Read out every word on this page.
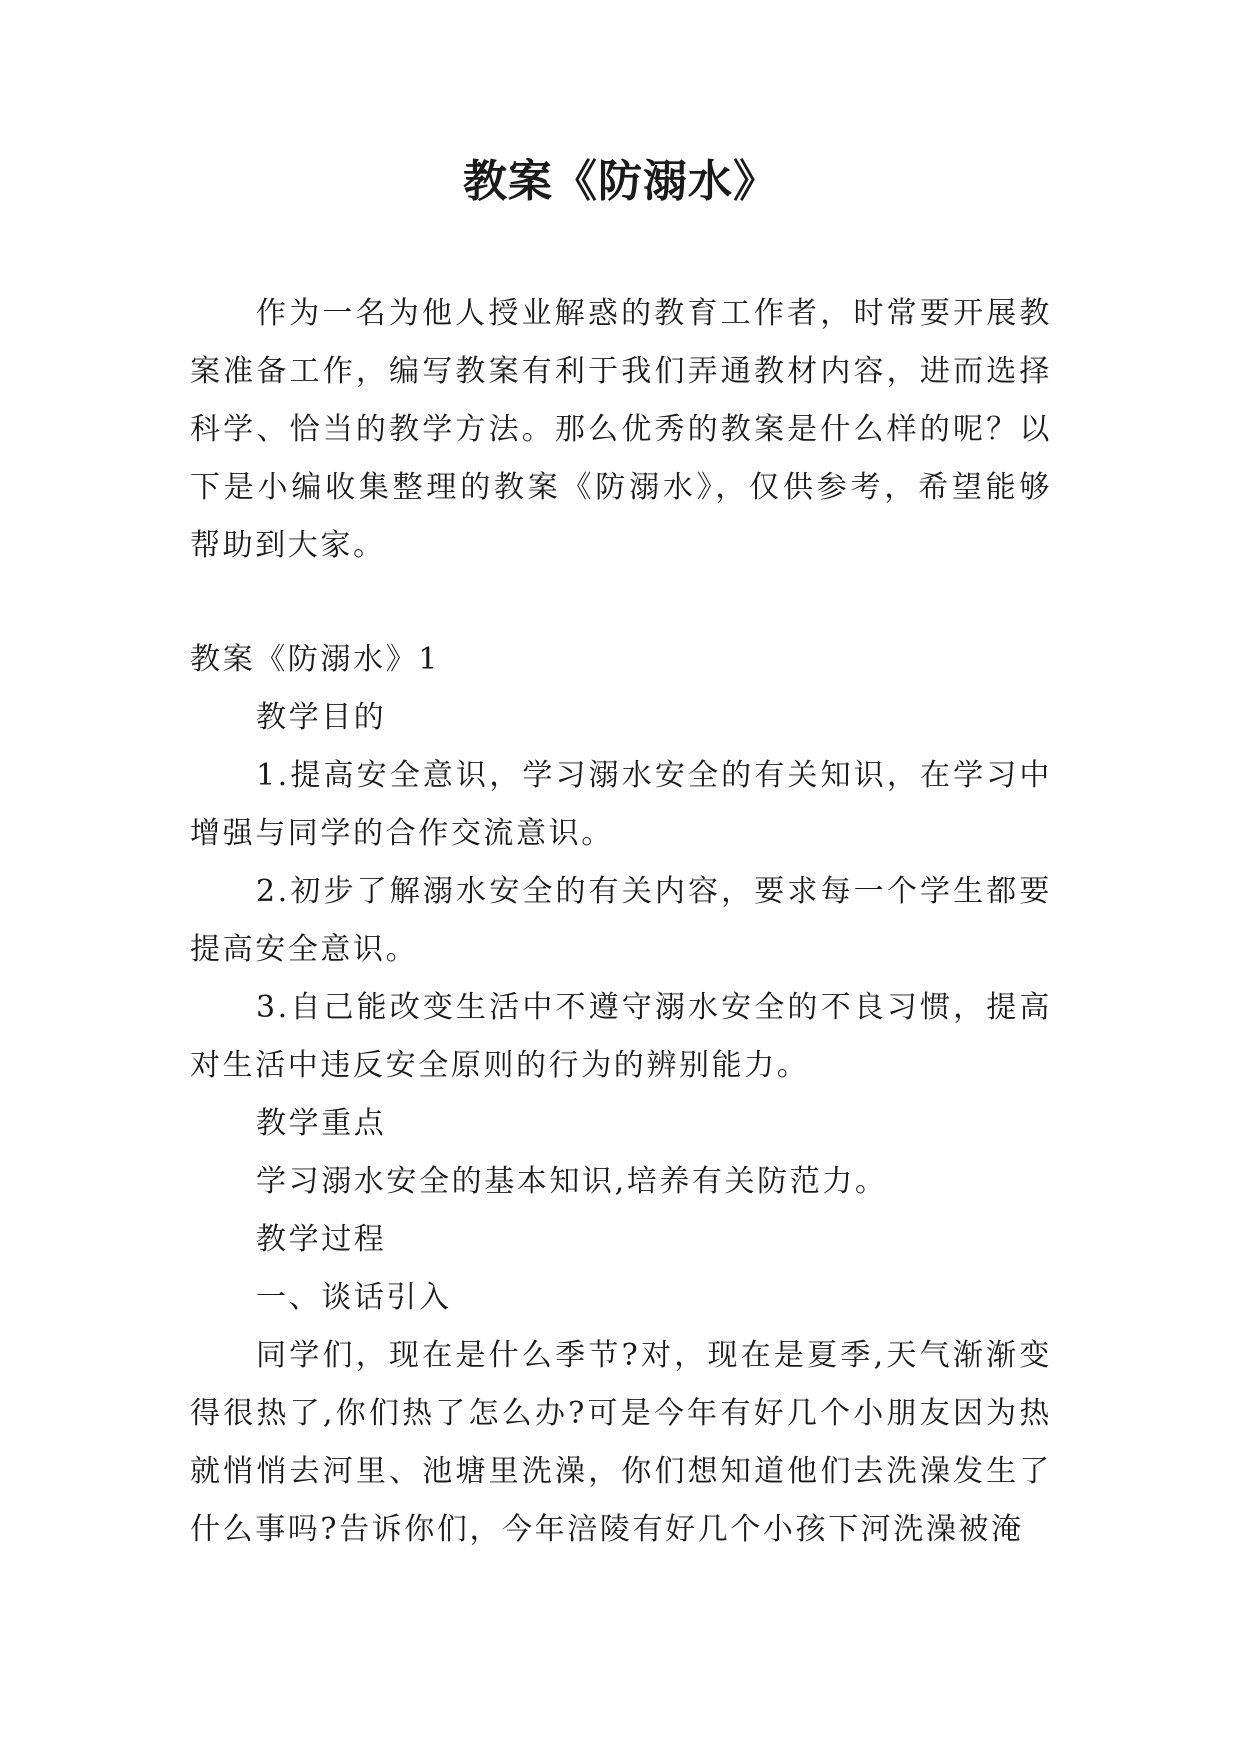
教案《防溺水》

作为一名为他人授业解惑的教育工作者，时常要开展教案准备工作，编写教案有利于我们弄通教材内容，进而选择科学、恰当的教学方法。那么优秀的教案是什么样的呢？以下是小编收集整理的教案《防溺水》，仅供参考，希望能够帮助到大家。

教案《防溺水》1

教学目的

1.提高安全意识，学习溺水安全的有关知识，在学习中增强与同学的合作交流意识。

2.初步了解溺水安全的有关内容，要求每一个学生都要提高安全意识。

3.自己能改变生活中不遵守溺水安全的不良习惯，提高对生活中违反安全原则的行为的辨别能力。

教学重点

学习溺水安全的基本知识,培养有关防范力。

教学过程

一、谈话引入

同学们，现在是什么季节?对，现在是夏季,天气渐渐变得很热了,你们热了怎么办?可是今年有好几个小朋友因为热就悄悄去河里、池塘里洗澡，你们想知道他们去洗澡发生了什么事吗?告诉你们，今年涪陵有好几个小孩下河洗澡被淹
